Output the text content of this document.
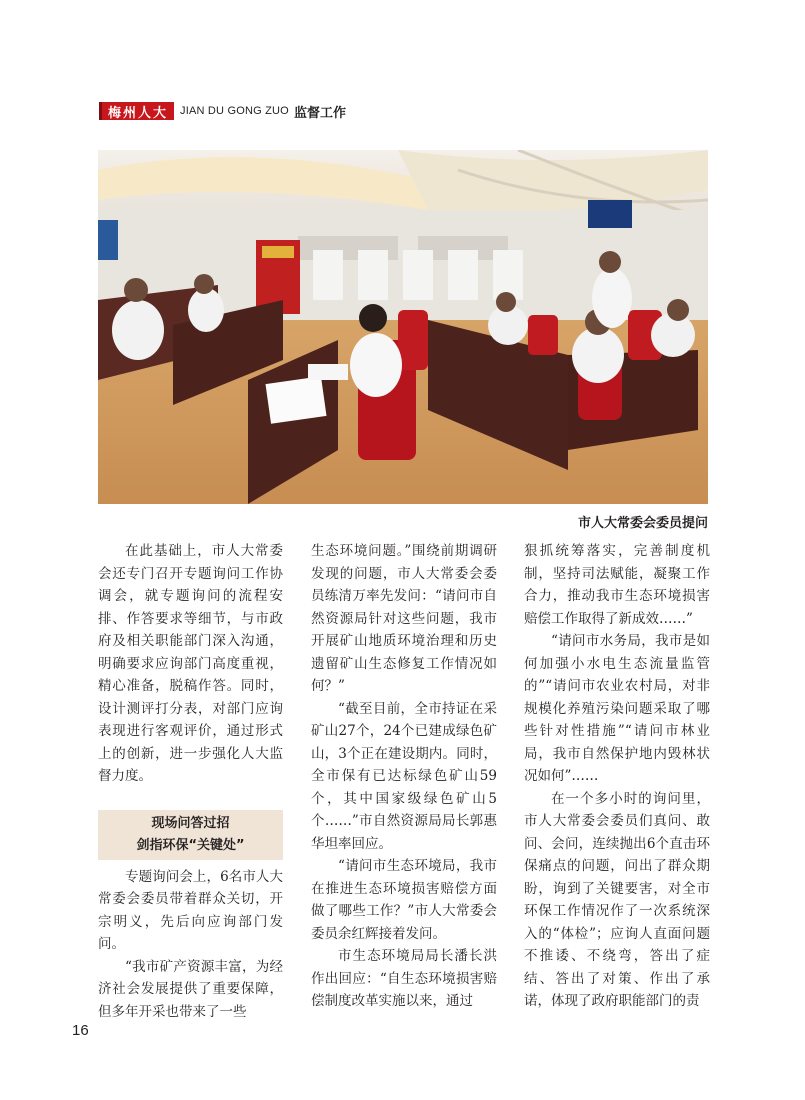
梅州人大	JIAN DU GONG ZUO 监督工作
市人大常委会委员提问

在此基础上，市人大常委会还专门召开专题询问工作协调会，就专题询问的流程安排、作答要求等细节，与市政府及相关职能部门深入沟通，明确要求应询部门高度重视，精心准备，脱稿作答。同时，设计测评打分表，对部门应询表现进行客观评价，通过形式上的创新，进一步强化人大监督力度。

现场问答过招
剑指环保“关键处”

专题询问会上，6名市人大常委会委员带着群众关切，开宗明义，先后向应询部门发问。

“我市矿产资源丰富，为经济社会发展提供了重要保障，但多年开采也带来了一些

生态环境问题。”围绕前期调研发现的问题，市人大常委会委员练清万率先发问：“请问市自然资源局针对这些问题，我市开展矿山地质环境治理和历史遗留矿山生态修复工作情况如何？”

“截至目前，全市持证在采矿山27个，24个已建成绿色矿山，3个正在建设期内。同时，全市保有已达标绿色矿山59个，其中国家级绿色矿山5个……”市自然资源局局长郭惠华坦率回应。

“请问市生态环境局，我市在推进生态环境损害赔偿方面做了哪些工作？”市人大常委会委员余红辉接着发问。

市生态环境局局长潘长洪作出回应：“自生态环境损害赔偿制度改革实施以来，通过

狠抓统筹落实，完善制度机制，坚持司法赋能，凝聚工作合力，推动我市生态环境损害赔偿工作取得了新成效……”

“请问市水务局，我市是如何加强小水电生态流量监管的”“请问市农业农村局，对非规模化养殖污染问题采取了哪些针对性措施”“请问市林业局，我市自然保护地内毁林状况如何”……

在一个多小时的询问里，市人大常委会委员们真问、敢问、会问，连续抛出6个直击环保痛点的问题，问出了群众期盼，询到了关键要害，对全市环保工作情况作了一次系统深入的“体检”；应询人直面问题不推诿、不绕弯，答出了症结、答出了对策、作出了承诺，体现了政府职能部门的责

16
